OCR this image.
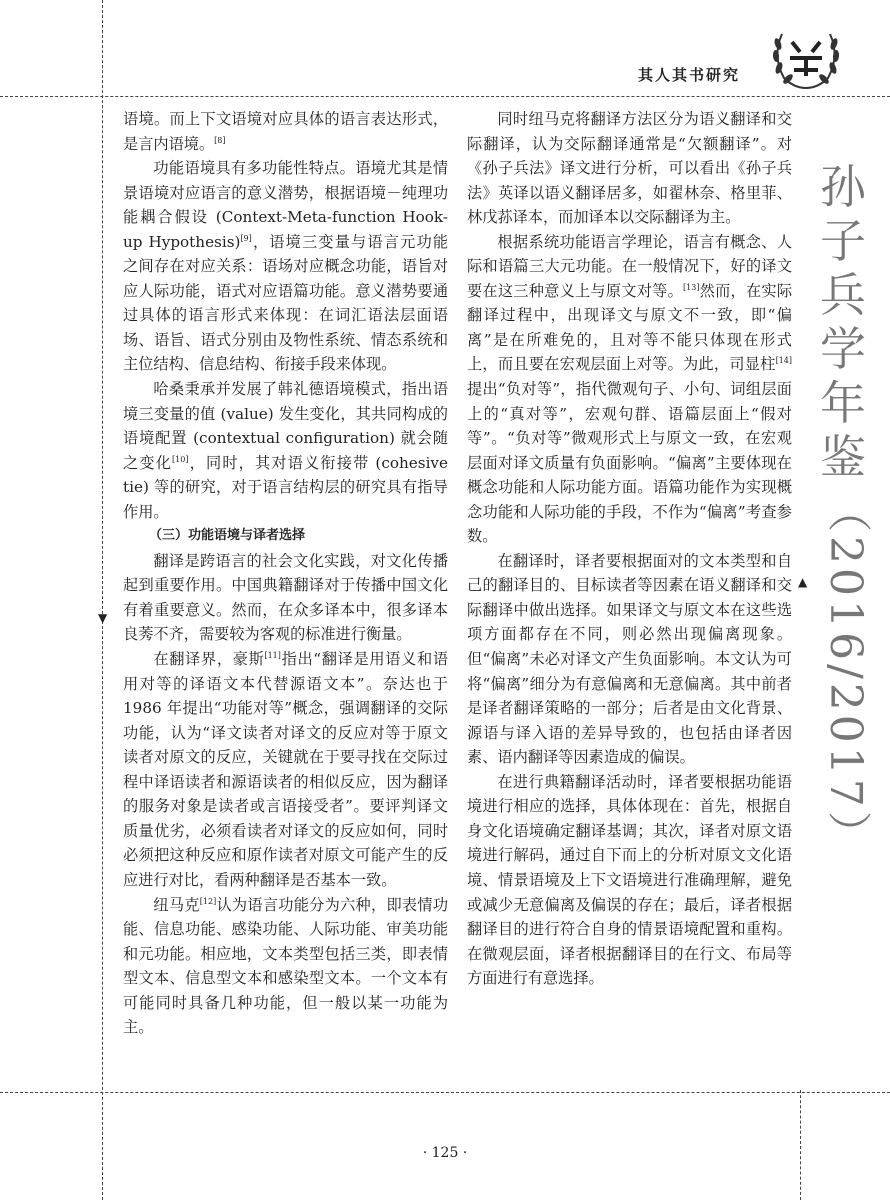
▼
▲
其人其书研究

语境。而上下文语境对应具体的语言表达形式，是言内语境。[8]

功能语境具有多功能性特点。语境尤其是情景语境对应语言的意义潜势，根据语境－纯理功能耦合假设 (Context-Meta-function Hook-up Hypothesis)[9]，语境三变量与语言元功能之间存在对应关系：语场对应概念功能，语旨对应人际功能，语式对应语篇功能。意义潜势要通过具体的语言形式来体现：在词汇语法层面语场、语旨、语式分别由及物性系统、情态系统和主位结构、信息结构、衔接手段来体现。

哈桑秉承并发展了韩礼德语境模式，指出语境三变量的值 (value) 发生变化，其共同构成的语境配置 (contextual configuration) 就会随之变化[10]，同时，其对语义衔接带 (cohesive tie) 等的研究，对于语言结构层的研究具有指导作用。

（三）功能语境与译者选择

翻译是跨语言的社会文化实践，对文化传播起到重要作用。中国典籍翻译对于传播中国文化有着重要意义。然而，在众多译本中，很多译本良莠不齐，需要较为客观的标准进行衡量。

在翻译界，豪斯[11]指出“翻译是用语义和语用对等的译语文本代替源语文本”。奈达也于 1986 年提出“功能对等”概念，强调翻译的交际功能，认为“译文读者对译文的反应对等于原文读者对原文的反应，关键就在于要寻找在交际过程中译语读者和源语读者的相似反应，因为翻译的服务对象是读者或言语接受者”。要评判译文质量优劣，必须看读者对译文的反应如何，同时必须把这种反应和原作读者对原文可能产生的反应进行对比，看两种翻译是否基本一致。

纽马克[12]认为语言功能分为六种，即表情功能、信息功能、感染功能、人际功能、审美功能和元功能。相应地，文本类型包括三类，即表情型文本、信息型文本和感染型文本。一个文本有可能同时具备几种功能，但一般以某一功能为主。

同时纽马克将翻译方法区分为语义翻译和交际翻译，认为交际翻译通常是“欠额翻译”。对《孙子兵法》译文进行分析，可以看出《孙子兵法》英译以语义翻译居多，如翟林奈、格里菲、林戊荪译本，而加译本以交际翻译为主。

根据系统功能语言学理论，语言有概念、人际和语篇三大元功能。在一般情况下，好的译文要在这三种意义上与原文对等。[13]然而，在实际翻译过程中，出现译文与原文不一致，即“偏离”是在所难免的，且对等不能只体现在形式上，而且要在宏观层面上对等。为此，司显柱[14]提出“负对等”，指代微观句子、小句、词组层面上的“真对等”，宏观句群、语篇层面上“假对等”。“负对等”微观形式上与原文一致，在宏观层面对译文质量有负面影响。“偏离”主要体现在概念功能和人际功能方面。语篇功能作为实现概念功能和人际功能的手段，不作为“偏离”考查参数。

在翻译时，译者要根据面对的文本类型和自己的翻译目的、目标读者等因素在语义翻译和交际翻译中做出选择。如果译文与原文本在这些选项方面都存在不同，则必然出现偏离现象。但“偏离”未必对译文产生负面影响。本文认为可将“偏离”细分为有意偏离和无意偏离。其中前者是译者翻译策略的一部分；后者是由文化背景、源语与译入语的差异导致的，也包括由译者因素、语内翻译等因素造成的偏误。

在进行典籍翻译活动时，译者要根据功能语境进行相应的选择，具体体现在：首先，根据自身文化语境确定翻译基调；其次，译者对原文语境进行解码，通过自下而上的分析对原文文化语境、情景语境及上下文语境进行准确理解，避免或减少无意偏离及偏误的存在；最后，译者根据翻译目的进行符合自身的情景语境配置和重构。在微观层面，译者根据翻译目的在行文、布局等方面进行有意选择。

孙
子
兵
学
年
鉴
（2016/2017）
· 125 ·
